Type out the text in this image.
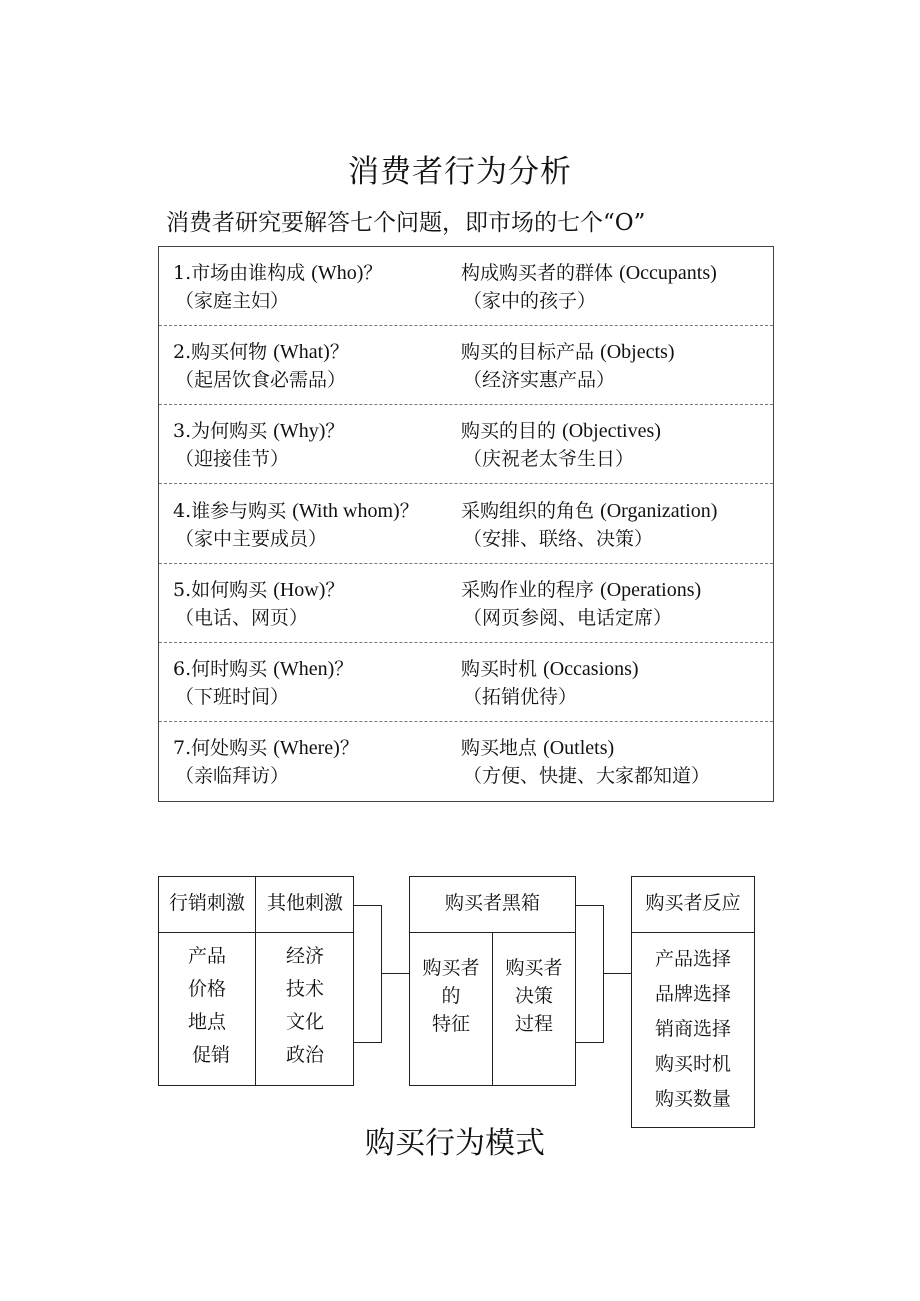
消费者行为分析
消费者研究要解答七个问题，即市场的七个“O”
1.市场由谁构成 (Who)？
（家庭主妇）
构成购买者的群体 (Occupants)
（家中的孩子）
2.购买何物 (What)？
（起居饮食必需品）
购买的目标产品 (Objects)
（经济实惠产品）
3.为何购买 (Why)？
（迎接佳节）
购买的目的 (Objectives)
（庆祝老太爷生日）
4.谁参与购买 (With whom)？
（家中主要成员）
采购组织的角色 (Organization)
（安排、联络、决策）
5.如何购买 (How)？
（电话、网页）
采购作业的程序 (Operations)
（网页参阅、电话定席）
6.何时购买 (When)？
（下班时间）
购买时机 (Occasions)
（拓销优待）
7.何处购买 (Where)？
（亲临拜访）
购买地点 (Outlets)
（方便、快捷、大家都知道）
行销刺激	其他刺激
产品
价格
地点
促销
经济
技术
文化
政治
购买者黑箱
购买者
的
特征
购买者
决策
过程
购买者反应
产品选择
品牌选择
销商选择
购买时机
购买数量
购买行为模式
